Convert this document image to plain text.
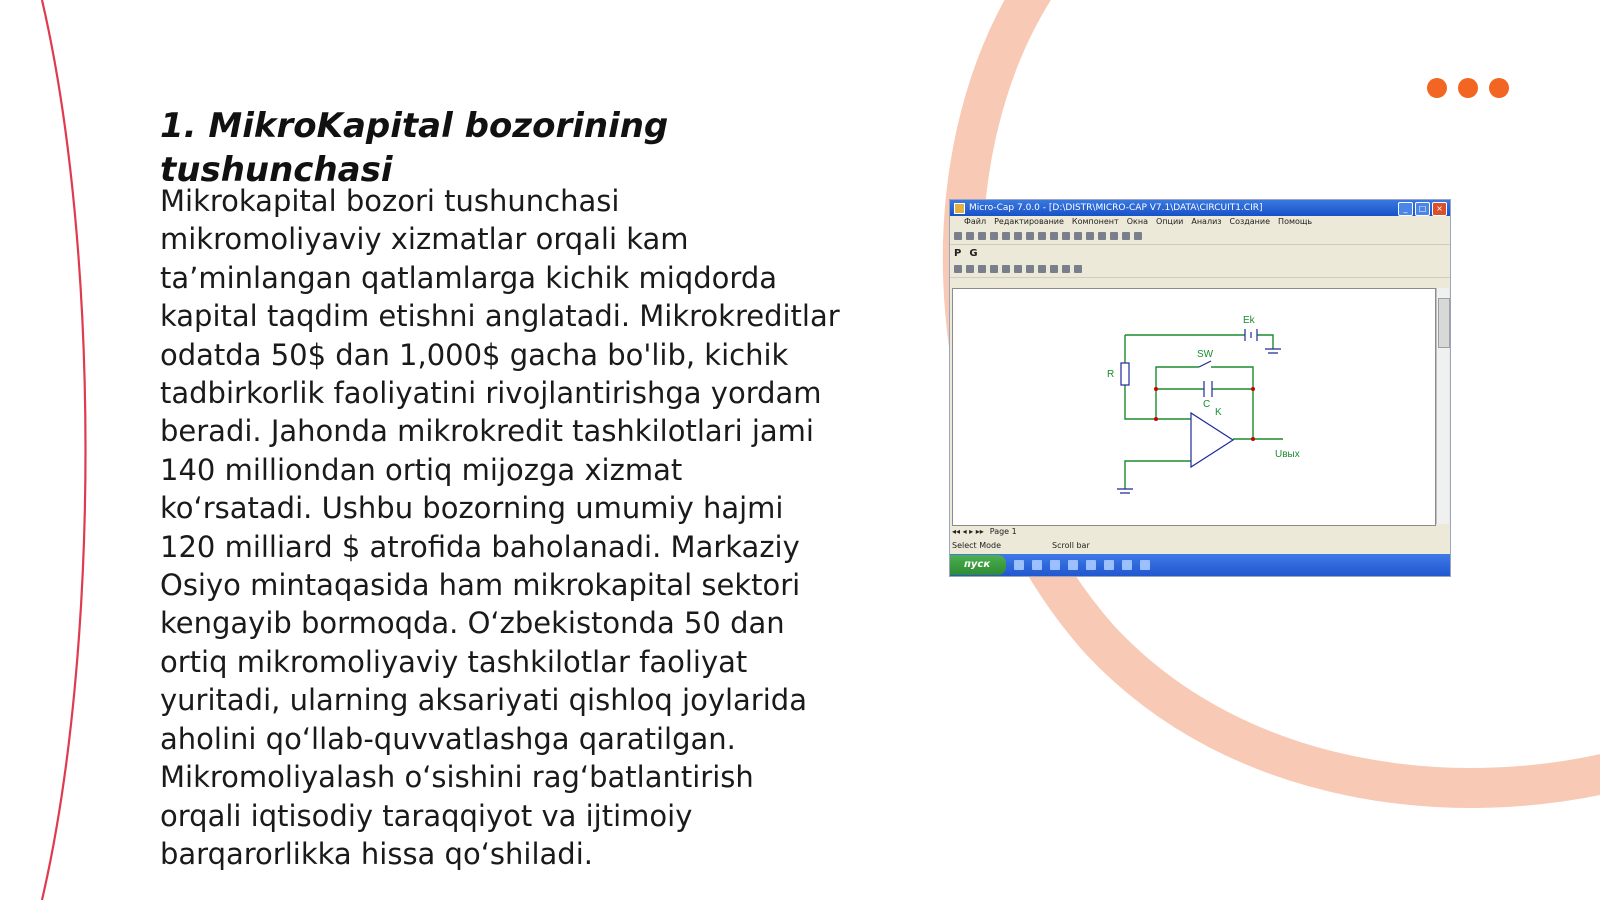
1. MikroKapital bozorining tushunchasi

Mikrokapital bozori tushunchasi mikromoliyaviy xizmatlar orqali kam taʼminlangan qatlamlarga kichik miqdorda kapital taqdim etishni anglatadi. Mikrokreditlar odatda 50$ dan 1,000$ gacha bo'lib, kichik tadbirkorlik faoliyatini rivojlantirishga yordam beradi. Jahonda mikrokredit tashkilotlari jami 140 milliondan ortiq mijozga xizmat koʻrsatadi. Ushbu bozorning umumiy hajmi 120 milliard $ atrofida baholanadi. Markaziy Osiyo mintaqasida ham mikrokapital sektori kengayib bormoqda. Oʻzbekistonda 50 dan ortiq mikromoliyaviy tashkilotlar faoliyat yuritadi, ularning aksariyati qishloq joylarida aholini qoʻllab-quvvatlashga qaratilgan. Mikromoliyalash oʻsishini ragʻbatlantirish orqali iqtisodiy taraqqiyot va ijtimoiy barqarorlikka hissa qoʻshiladi.

Micro-Cap 7.0.0 - [D:\DISTR\MICRO-CAP V7.1\DATA\CIRCUIT1.CIR]	_	□	×
Файл Редактирование Компонент Окна Опции Анализ Создание Помощь
P G
Ek
SW
R
C
K
Uвых
◂◂ ◂ ▸ ▸▸ Page 1
Select Mode	Scroll bar
пуск
